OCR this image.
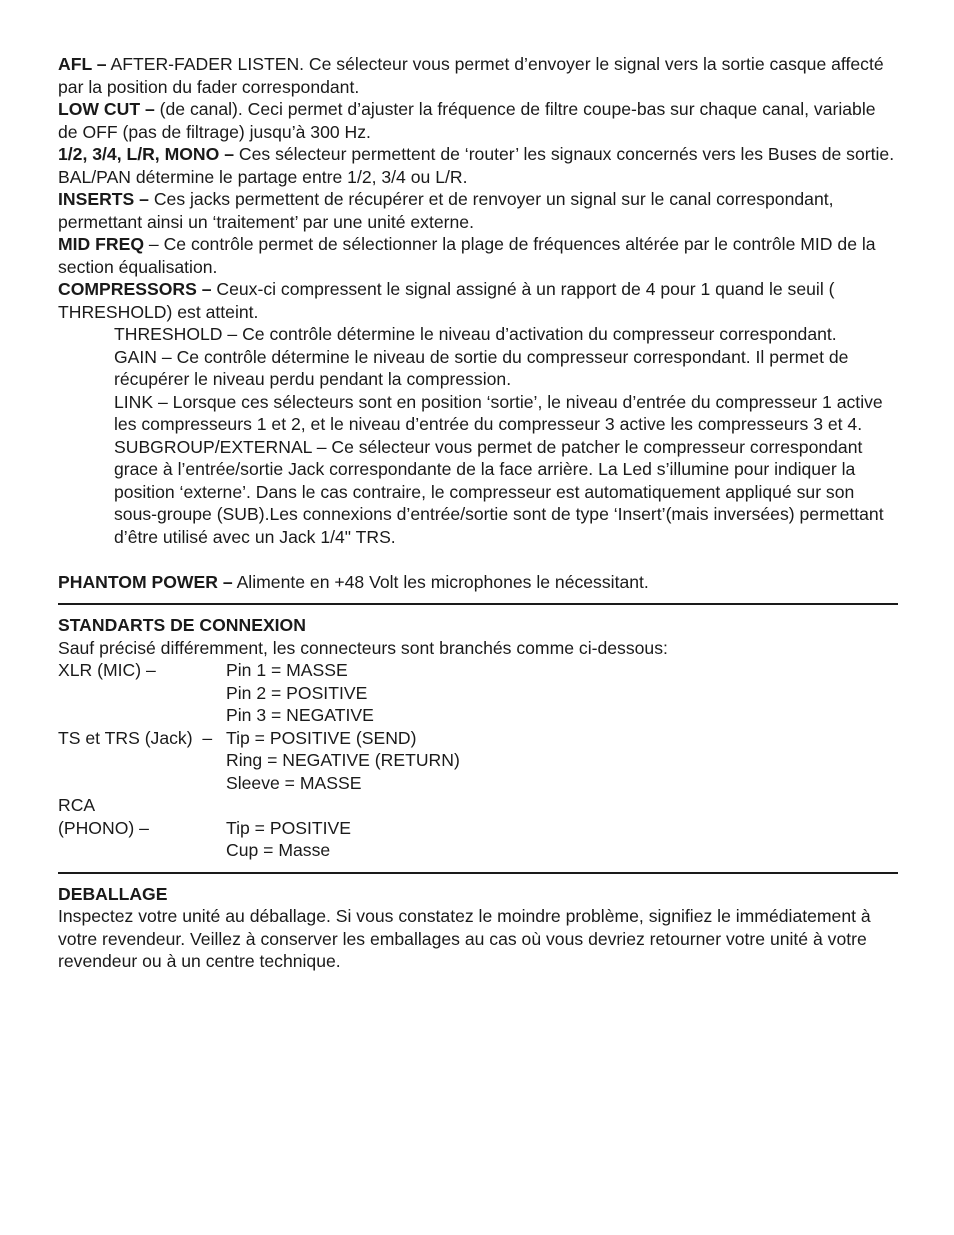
AFL – AFTER-FADER LISTEN. Ce sélecteur vous permet d’envoyer le signal vers la sortie casque affecté par la position du fader correspondant.

LOW CUT – (de canal). Ceci permet d’ajuster la fréquence de filtre coupe-bas sur chaque canal, variable de OFF (pas de filtrage) jusqu’à 300 Hz.

1/2, 3/4, L/R, MONO – Ces sélecteur permettent de ‘router’ les signaux concernés vers les Buses de sortie. BAL/PAN détermine le partage entre 1/2, 3/4 ou L/R.

INSERTS – Ces jacks permettent de récupérer et de renvoyer un signal sur le canal correspondant, permettant ainsi un ‘traitement’ par une unité externe.

MID FREQ – Ce contrôle permet de sélectionner la plage de fréquences altérée par le contrôle MID de la section équalisation.

COMPRESSORS – Ceux-ci compressent le signal assigné à un rapport de 4 pour 1 quand le seuil ( THRESHOLD) est atteint.

THRESHOLD – Ce contrôle détermine le niveau d’activation du compresseur correspondant.

GAIN – Ce contrôle détermine le niveau de sortie du compresseur correspondant. Il permet de récupérer le niveau perdu pendant la compression.

LINK – Lorsque ces sélecteurs sont en position ‘sortie’, le niveau d’entrée du compresseur 1 active les compresseurs 1 et 2, et le niveau d’entrée du compresseur 3 active les compresseurs 3 et 4.

SUBGROUP/EXTERNAL – Ce sélecteur vous permet de patcher le compresseur correspondant grace à l’entrée/sortie Jack correspondante de la face arrière. La Led s’illumine pour indiquer la position ‘externe’. Dans le cas contraire, le compresseur est automatiquement appliqué sur son sous-groupe (SUB).Les connexions d’entrée/sortie sont de type ‘Insert’(mais inversées) permettant d’être utilisé avec un Jack 1/4" TRS.

PHANTOM POWER – Alimente en +48 Volt les microphones le nécessitant.

STANDARTS DE CONNEXION

Sauf précisé différemment, les connecteurs sont branchés comme ci-dessous:

XLR (MIC) –	Pin 1 = MASSE
Pin 2 = POSITIVE
Pin 3 = NEGATIVE
TS et TRS (Jack)  – Tip = POSITIVE (SEND)
Ring = NEGATIVE (RETURN)
Sleeve = MASSE
RCA
(PHONO) –	Tip = POSITIVE
Cup = Masse

DEBALLAGE

Inspectez votre unité au déballage. Si vous constatez le moindre problème, signifiez le immédiatement à votre revendeur. Veillez à conserver les emballages au cas où vous devriez retourner votre unité à votre revendeur ou à un centre technique.
